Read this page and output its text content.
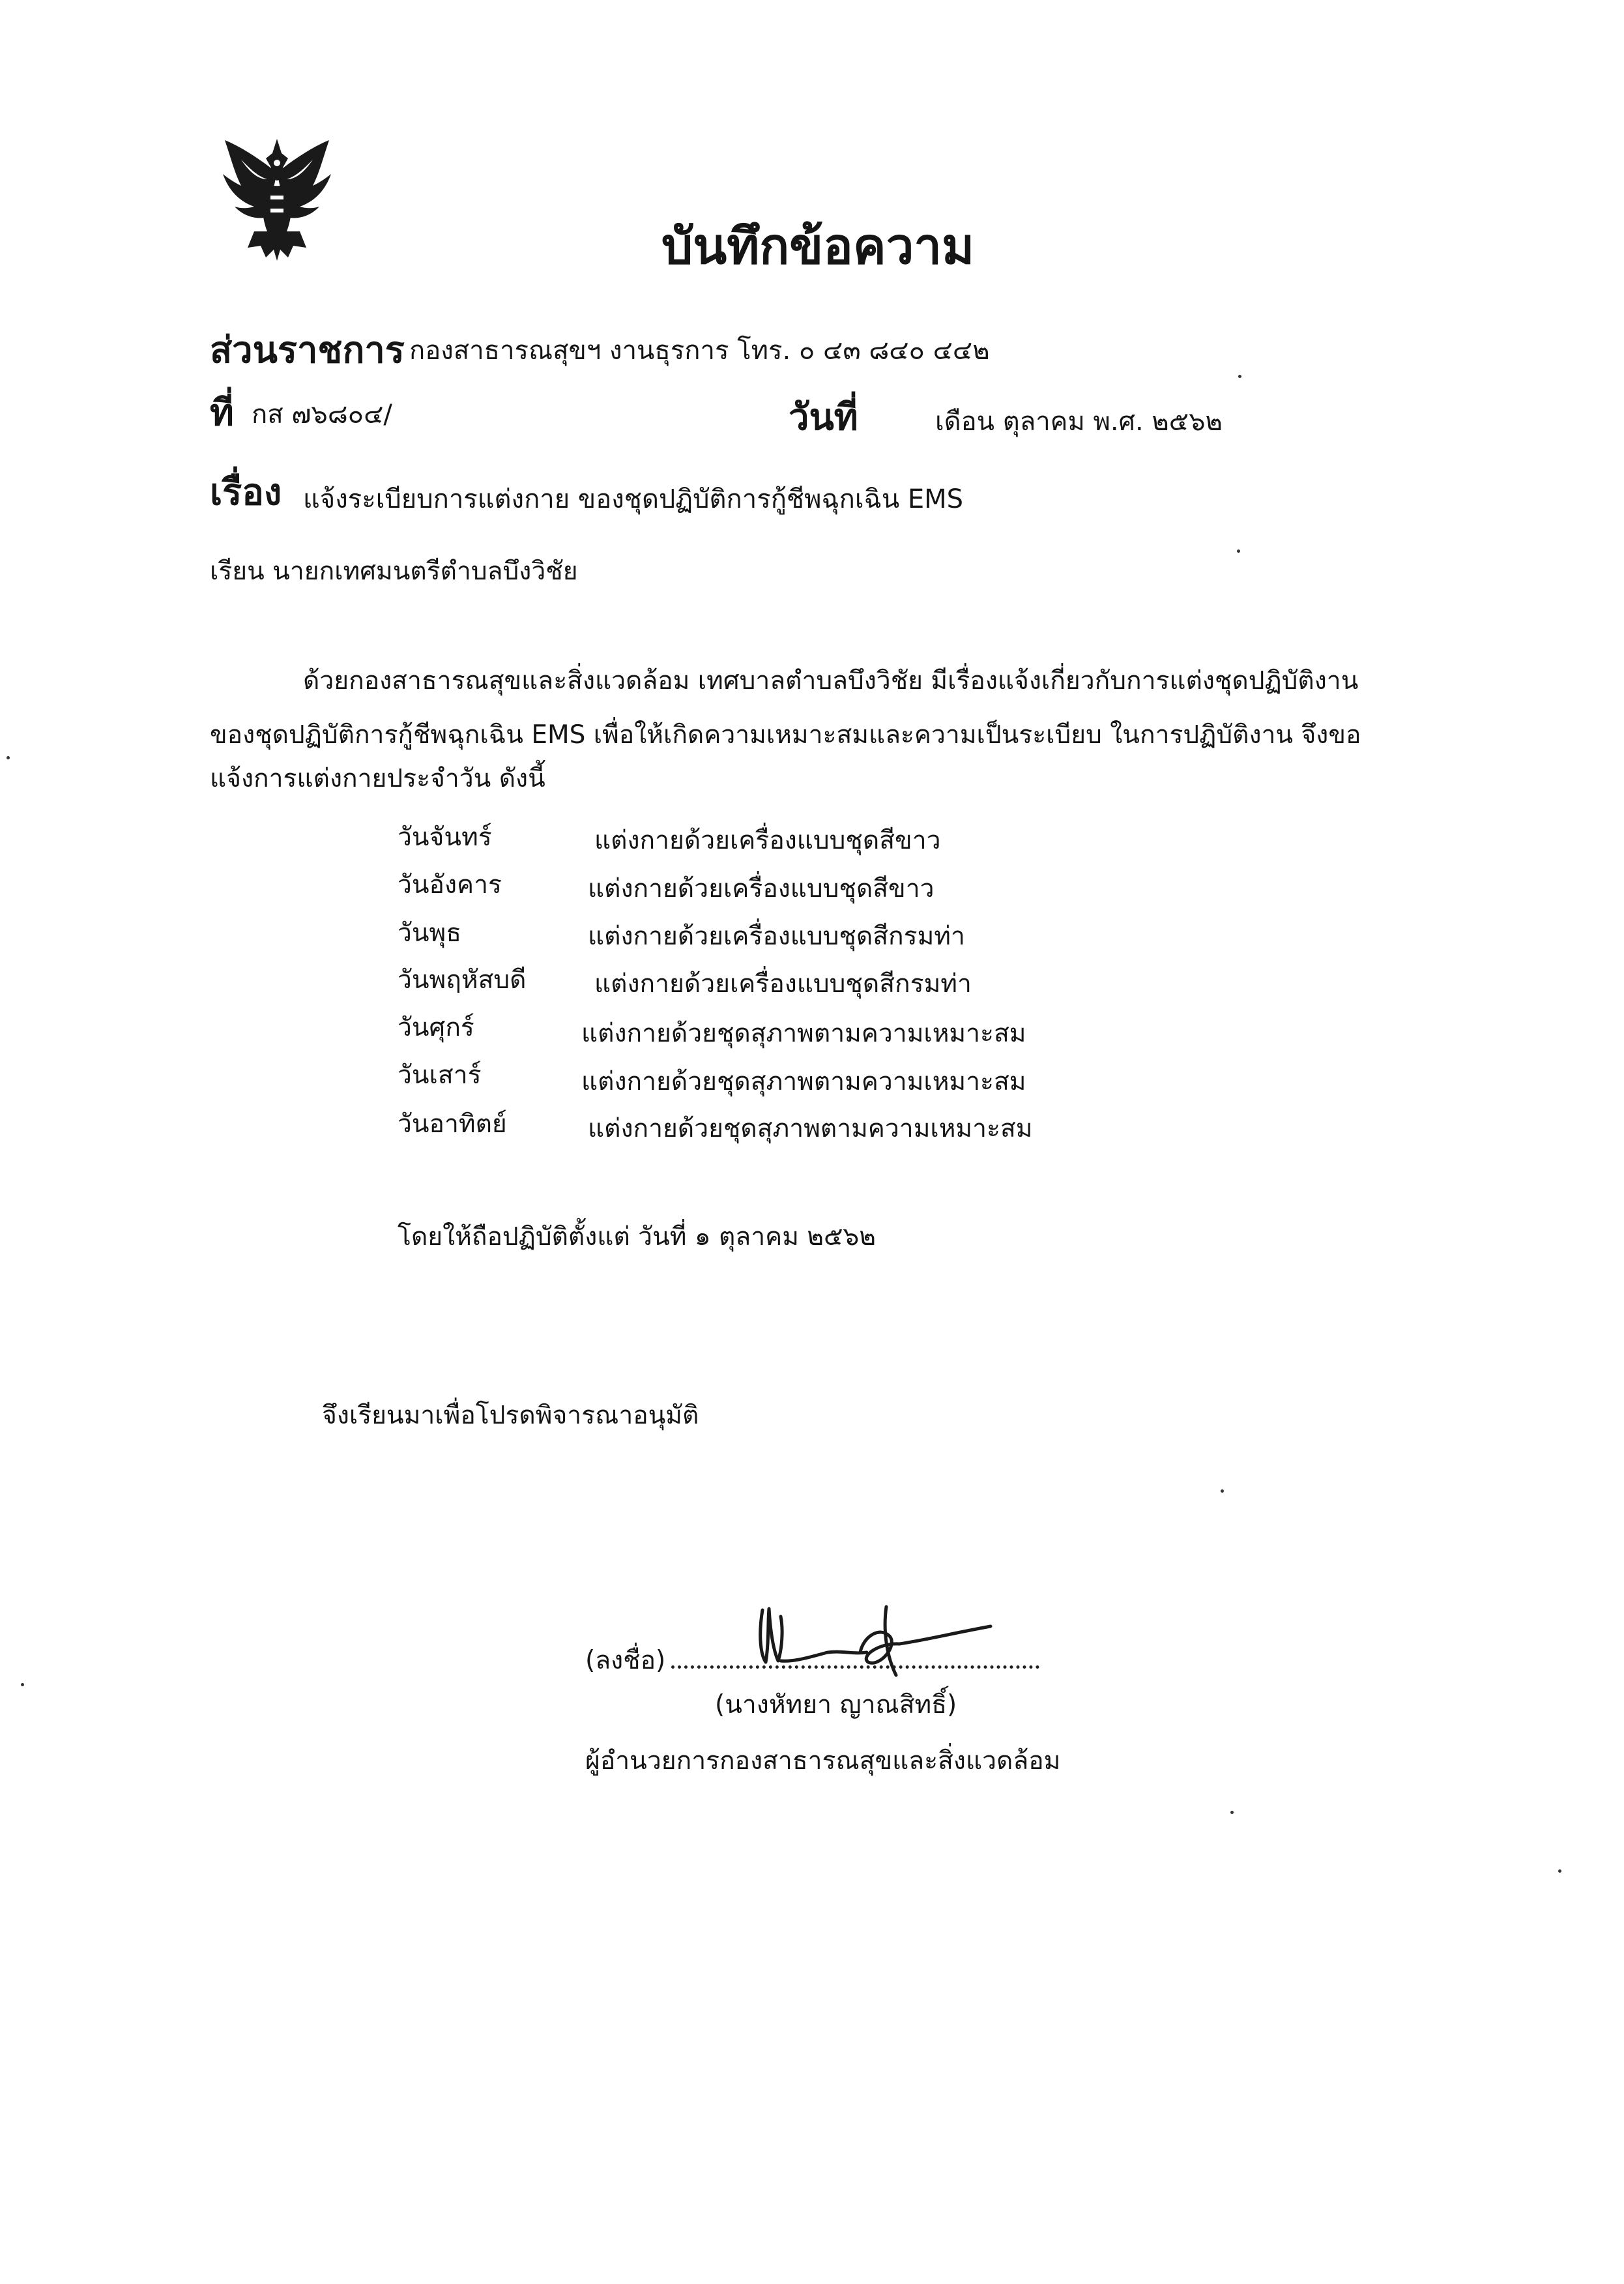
บันทึกข้อความ
ส่วนราชการ กองสาธารณสุขฯ งานธุรการ โทร. ๐ ๔๓ ๘๔๐ ๔๔๒
ที่ กส ๗๖๘๐๔/	วันที่	เดือน ตุลาคม พ.ศ. ๒๕๖๒
เรื่อง แจ้งระเบียบการแต่งกาย ของชุดปฏิบัติการกู้ชีพฉุกเฉิน EMS
เรียน นายกเทศมนตรีตำบลบึงวิชัย
ด้วยกองสาธารณสุขและสิ่งแวดล้อม เทศบาลตำบลบึงวิชัย มีเรื่องแจ้งเกี่ยวกับการแต่งชุดปฏิบัติงาน
ของชุดปฏิบัติการกู้ชีพฉุกเฉิน EMS เพื่อให้เกิดความเหมาะสมและความเป็นระเบียบ ในการปฏิบัติงาน จึงขอ
แจ้งการแต่งกายประจำวัน ดังนี้
วันจันทร์	แต่งกายด้วยเครื่องแบบชุดสีขาว
วันอังคาร	แต่งกายด้วยเครื่องแบบชุดสีขาว
วันพุธ	แต่งกายด้วยเครื่องแบบชุดสีกรมท่า
วันพฤหัสบดี	แต่งกายด้วยเครื่องแบบชุดสีกรมท่า
วันศุกร์	แต่งกายด้วยชุดสุภาพตามความเหมาะสม
วันเสาร์	แต่งกายด้วยชุดสุภาพตามความเหมาะสม
วันอาทิตย์	แต่งกายด้วยชุดสุภาพตามความเหมาะสม
โดยให้ถือปฏิบัติตั้งแต่ วันที่ ๑ ตุลาคม ๒๕๖๒
จึงเรียนมาเพื่อโปรดพิจารณาอนุมัติ
(ลงชื่อ)
(นางหัทยา ญาณสิทธิ์)
ผู้อำนวยการกองสาธารณสุขและสิ่งแวดล้อม
